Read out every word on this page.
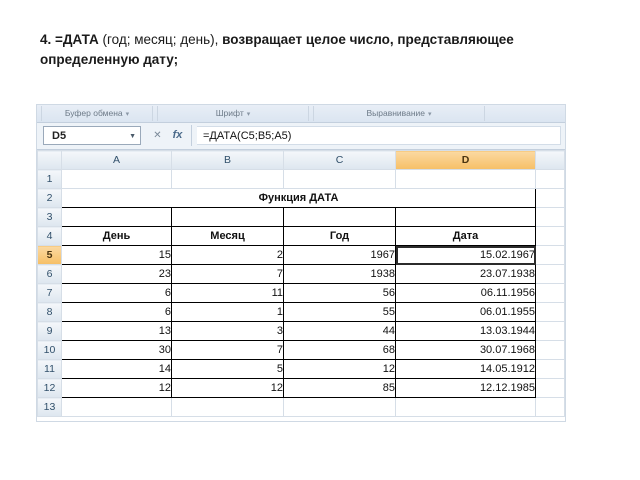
4. =ДАТА (год; месяц; день), возвращает целое число, представляющее определенную дату;
Буфер обмена ▾	Шрифт ▾	Выравнивание ▾
D5	▼	✕ fx	=ДАТА(C5;B5;A5)
	A	B	C	D	
1					
2	Функция ДАТА				
3					
4	День	Месяц	Год	Дата	
5	15	2	1967	15.02.1967	
6	23	7	1938	23.07.1938	
7	6	11	56	06.11.1956	
8	6	1	55	06.01.1955	
9	13	3	44	13.03.1944	
10	30	7	68	30.07.1968	
11	14	5	12	14.05.1912	
12	12	12	85	12.12.1985	
13					
